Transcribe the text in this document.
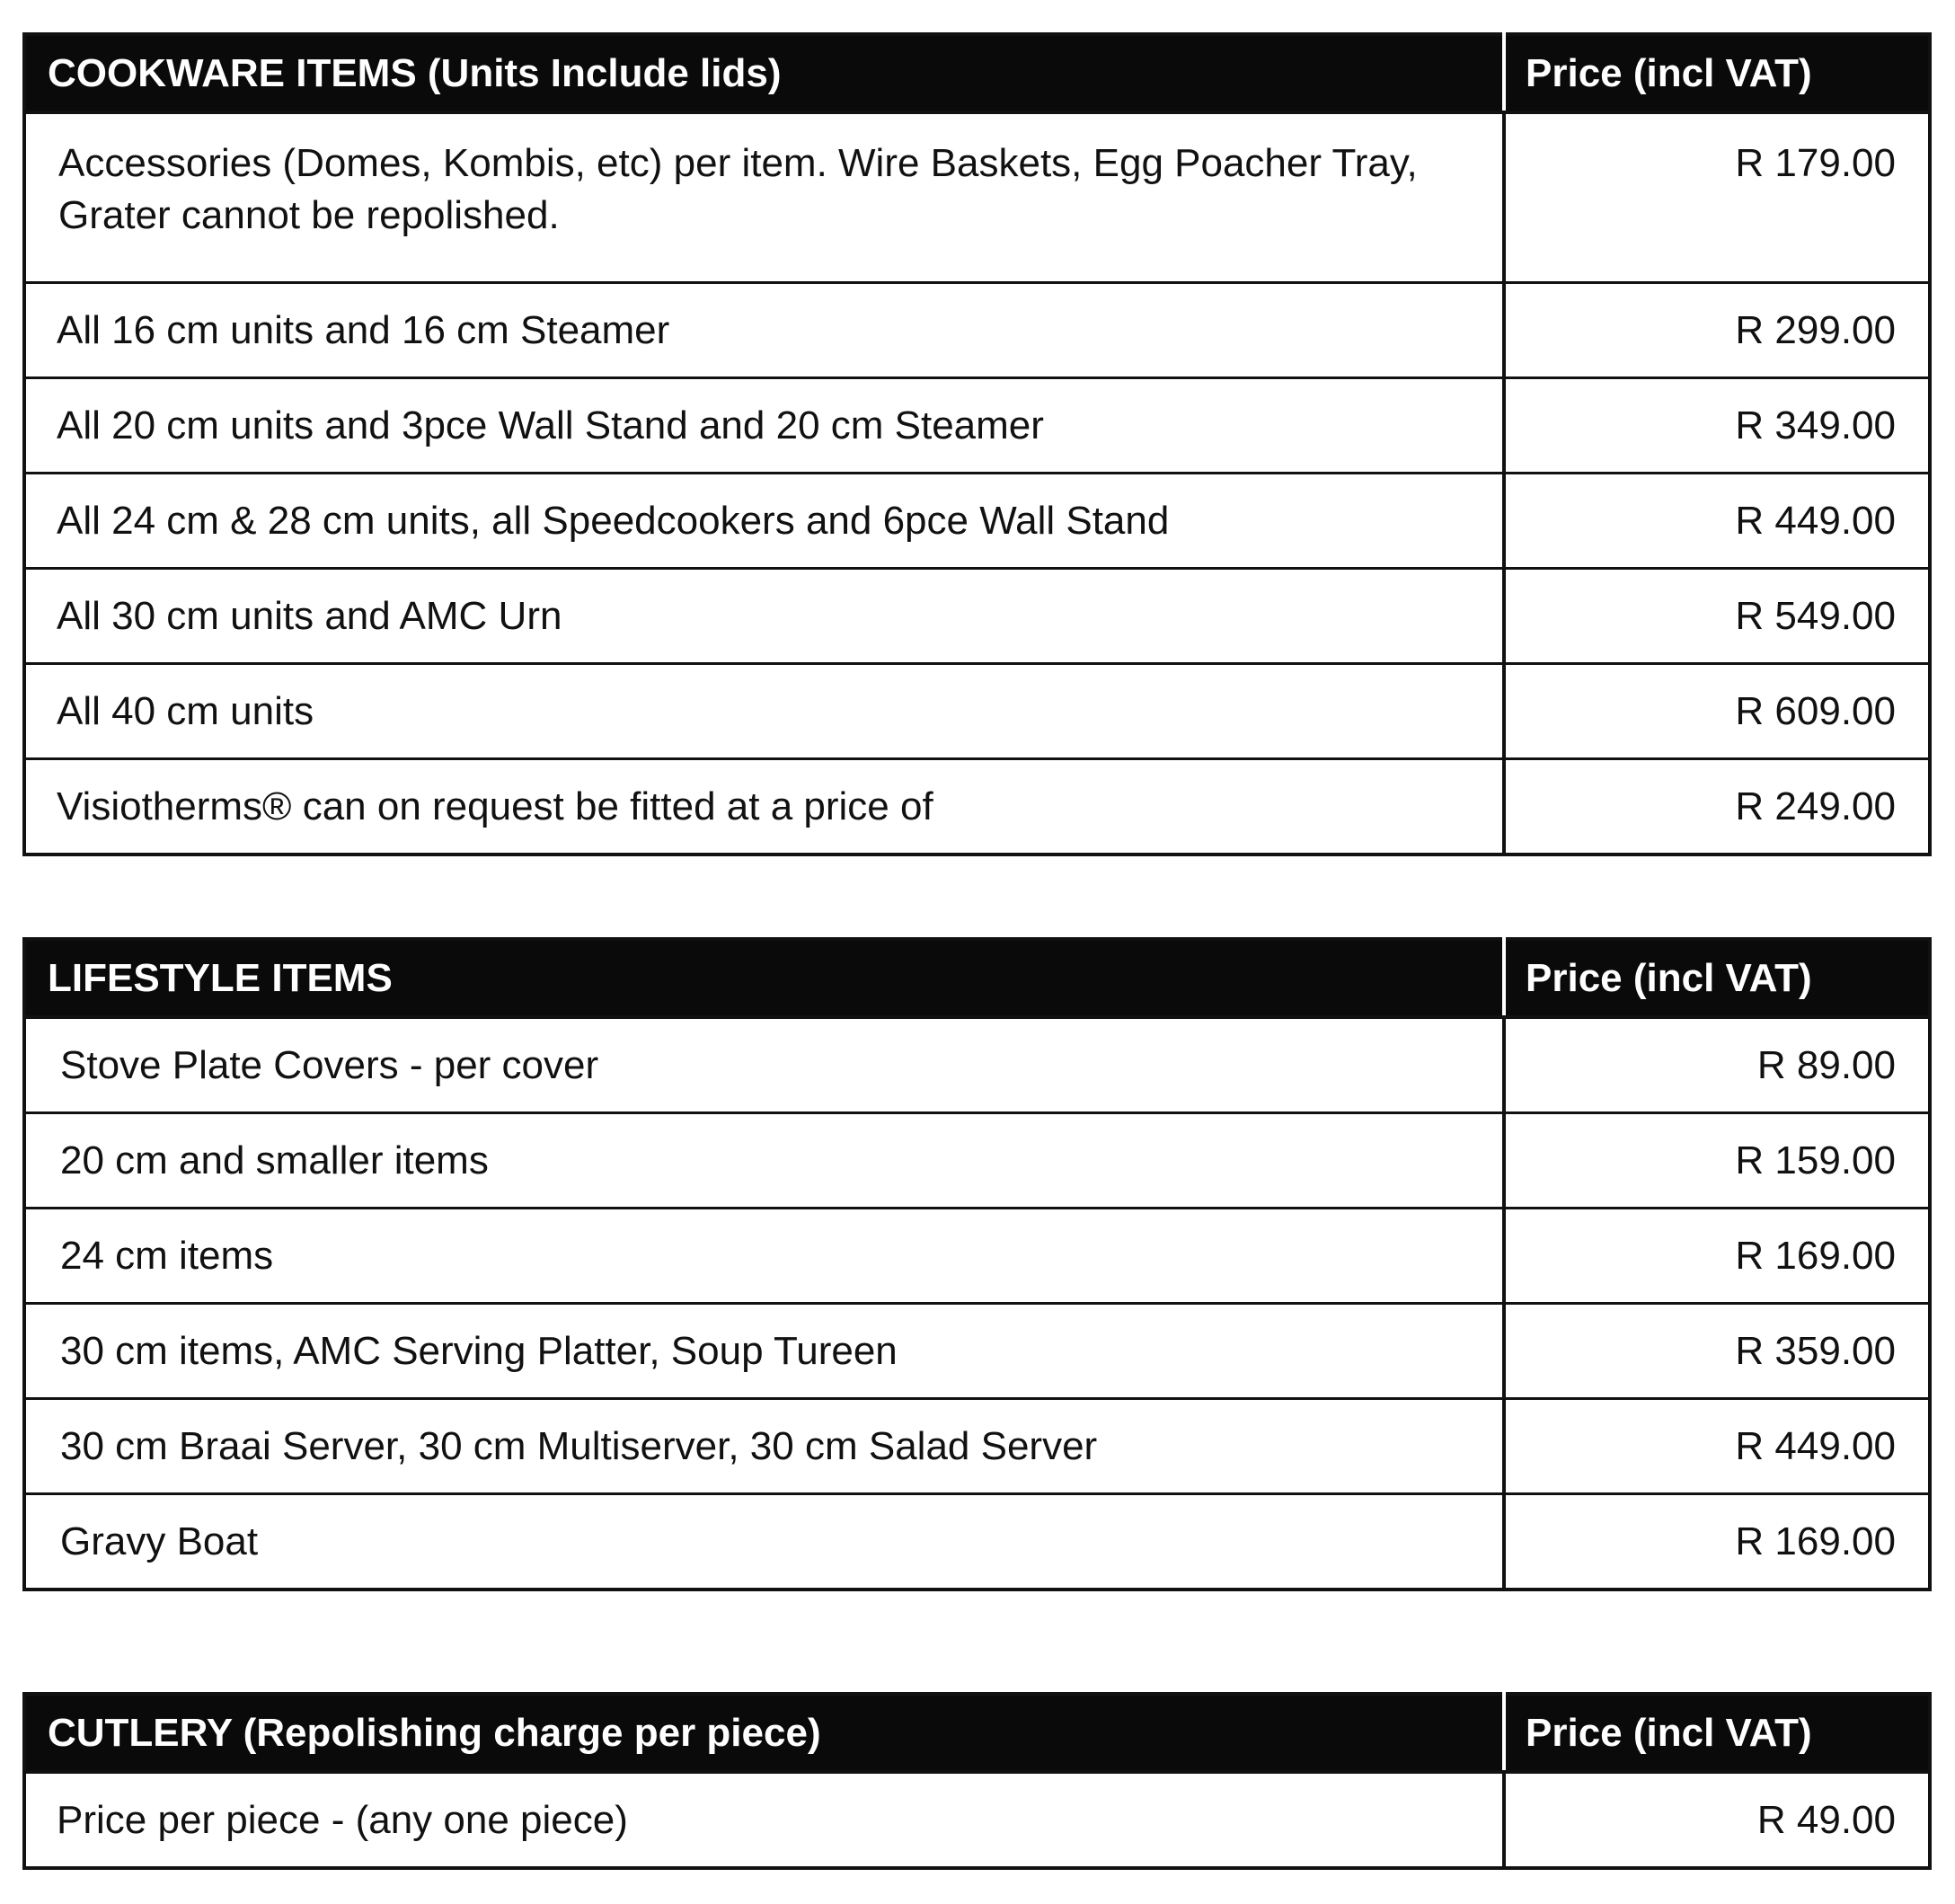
COOKWARE ITEMS (Units Include lids)	Price (incl VAT)
Accessories (Domes, Kombis, etc) per item. Wire Baskets, Egg Poacher Tray, Grater cannot be repolished.	R 179.00
All 16 cm units and 16 cm Steamer	R 299.00
All 20 cm units and 3pce Wall Stand and 20 cm Steamer	R 349.00
All 24 cm & 28 cm units, all Speedcookers and 6pce Wall Stand	R 449.00
All 30 cm units and AMC Urn	R 549.00
All 40 cm units	R 609.00
Visiotherms® can on request be fitted at a price of	R 249.00
LIFESTYLE ITEMS	Price (incl VAT)
Stove Plate Covers - per cover	R 89.00
20 cm and smaller items	R 159.00
24 cm items	R 169.00
30 cm items, AMC Serving Platter, Soup Tureen	R 359.00
30 cm Braai Server, 30 cm Multiserver, 30 cm Salad Server	R 449.00
Gravy Boat	R 169.00
CUTLERY (Repolishing charge per piece)	Price (incl VAT)
Price per piece - (any one piece)	R 49.00
